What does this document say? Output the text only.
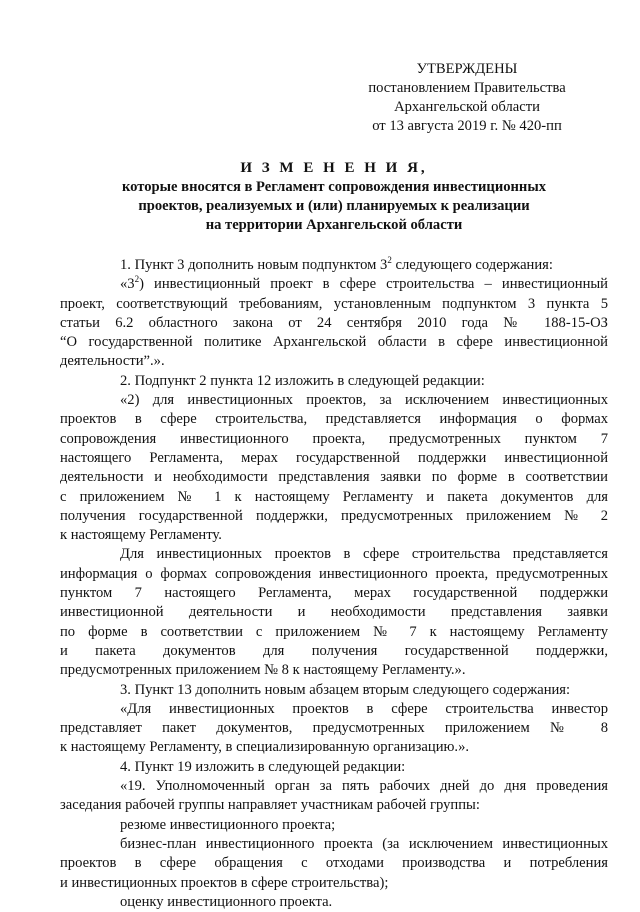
УТВЕРЖДЕНЫ
постановлением Правительства
Архангельской области
от 13 августа 2019 г. № 420-пп
И З М Е Н Е Н И Я,
которые вносятся в Регламент сопровождения инвестиционных
проектов, реализуемых и (или) планируемых к реализации
на территории Архангельской области

1. Пункт 3 дополнить новым подпунктом $3^2$ следующего содержания:

«$3^2$) инвестиционный проект в сфере строительства – инвестиционный
проект, соответствующий требованиям, установленным подпунктом 3 пункта 5
статьи 6.2 областного закона от 24 сентября 2010 года № 188-15-ОЗ
“О государственной политике Архангельской области в сфере инвестиционной
деятельности”.».

2. Подпункт 2 пункта 12 изложить в следующей редакции:

«2) для инвестиционных проектов, за исключением инвестиционных
проектов в сфере строительства, представляется информация о формах
сопровождения инвестиционного проекта, предусмотренных пунктом 7
настоящего Регламента, мерах государственной поддержки инвестиционной
деятельности и необходимости представления заявки по форме в соответствии
с приложением № 1 к настоящему Регламенту и пакета документов для
получения государственной поддержки, предусмотренных приложением № 2
к настоящему Регламенту.

Для инвестиционных проектов в сфере строительства представляется
информация о формах сопровождения инвестиционного проекта, предусмотренных
пунктом 7 настоящего Регламента, мерах государственной поддержки
инвестиционной деятельности и необходимости представления заявки
по форме в соответствии с приложением № 7 к настоящему Регламенту
и пакета документов для получения государственной поддержки,
предусмотренных приложением № 8 к настоящему Регламенту.».

3. Пункт 13 дополнить новым абзацем вторым следующего содержания:

«Для инвестиционных проектов в сфере строительства инвестор
представляет пакет документов, предусмотренных приложением № 8
к настоящему Регламенту, в специализированную организацию.».

4. Пункт 19 изложить в следующей редакции:

«19. Уполномоченный орган за пять рабочих дней до дня проведения
заседания рабочей группы направляет участникам рабочей группы:

резюме инвестиционного проекта;

бизнес-план инвестиционного проекта (за исключением инвестиционных
проектов в сфере обращения с отходами производства и потребления
и инвестиционных проектов в сфере строительства);

оценку инвестиционного проекта.
